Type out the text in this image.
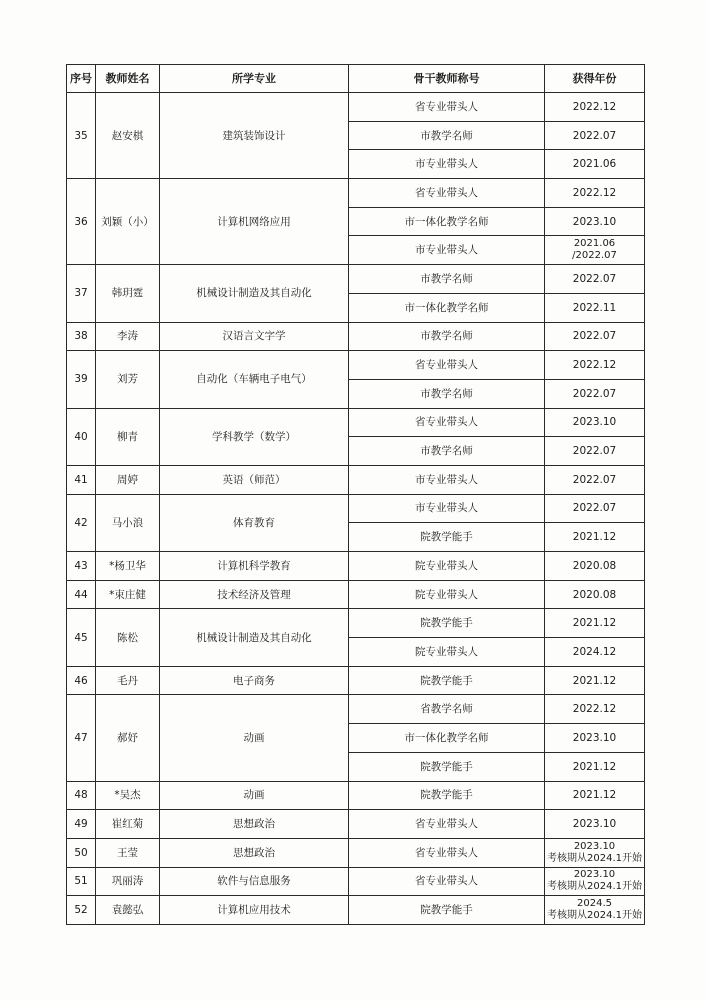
序号	教师姓名	所学专业	骨干教师称号	获得年份
35	赵安棋	建筑装饰设计	省专业带头人	2022.12

			市教学名师	2022.07

			市专业带头人	2021.06

36	刘颖（小）	计算机网络应用	省专业带头人	2022.12

			市一体化教学名师	2023.10

			市专业带头人	2021.06
/2022.07

37	韩玥霆	机械设计制造及其自动化	市教学名师	2022.07

			市一体化教学名师	2022.11

38	李涛	汉语言文字学	市教学名师	2022.07

39	刘芳	自动化（车辆电子电气）	省专业带头人	2022.12

			市教学名师	2022.07

40	柳青	学科教学（数学）	省专业带头人	2023.10

			市教学名师	2022.07

41	周婷	英语（师范）	市专业带头人	2022.07

42	马小浪	体育教育	市专业带头人	2022.07

			院教学能手	2021.12

43	*杨卫华	计算机科学教育	院专业带头人	2020.08

44	*束庄健	技术经济及管理	院专业带头人	2020.08

45	陈松	机械设计制造及其自动化	院教学能手	2021.12

			院专业带头人	2024.12

46	毛丹	电子商务	院教学能手	2021.12

47	郝妤	动画	省教学名师	2022.12

			市一体化教学名师	2023.10

			院教学能手	2021.12

48	*吴杰	动画	院教学能手	2021.12

49	崔红菊	思想政治	省专业带头人	2023.10

50	王莹	思想政治	省专业带头人	2023.10
考核期从2024.1开始

51	巩丽涛	软件与信息服务	省专业带头人	2023.10
考核期从2024.1开始

52	袁懿弘	计算机应用技术	院教学能手	2024.5
考核期从2024.1开始
